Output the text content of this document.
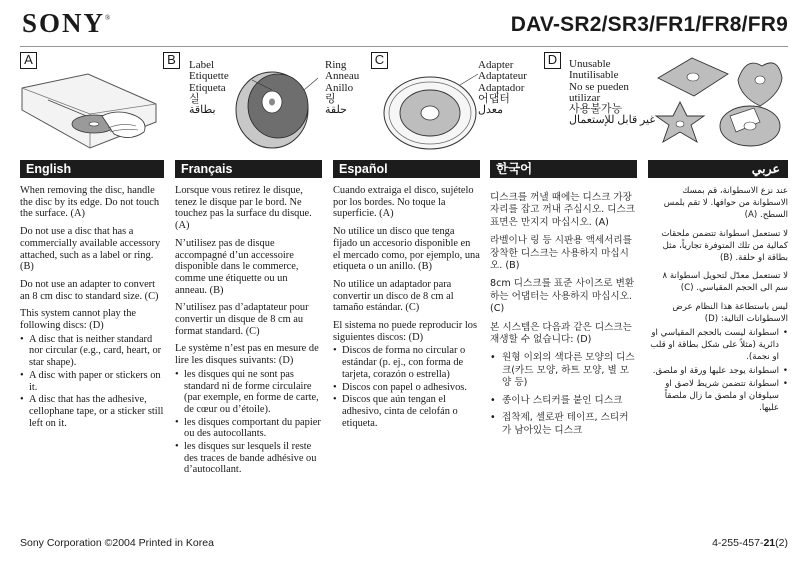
SONY®	DAV-SR2/SR3/FR1/FR8/FR9
A	B	Label
Etiquette
Etiqueta
실
بطاقة
Ring
Anneau
Anillo
링
حلقة
C	Adapter
Adaptateur
Adaptador
어댑터
معدل
D	Unusable
Inutilisable
No se pueden
utilizar
사용불가능
غير قابل للإستعمال
English	Français	Español	한국어	عربي

When removing the disc, handle the disc by its edge. Do not touch the surface. (A)

Do not use a disc that has a commercially available accessory attached, such as a label or ring. (B)

Do not use an adapter to convert an 8 cm disc to standard size. (C)

This system cannot play the following discs: (D)

• A disc that is neither standard nor circular (e.g., card, heart, or star shape).
• A disc with paper or stickers on it.
• A disc that has the adhesive, cellophane tape, or a sticker still left on it.

Lorsque vous retirez le disque, tenez le disque par le bord. Ne touchez pas la surface du disque. (A)

N’utilisez pas de disque accompagné d’un accessoire disponible dans le commerce, comme une étiquette ou un anneau. (B)

N’utilisez pas d’adaptateur pour convertir un disque de 8 cm au format standard. (C)

Le système n’est pas en mesure de lire les disques suivants: (D)

• les disques qui ne sont pas standard ni de forme circulaire (par exemple, en forme de carte, de cœur ou d’étoile).
• les disques comportant du papier ou des autocollants.
• les disques sur lesquels il reste des traces de bande adhésive ou d’autocollant.

Cuando extraiga el disco, sujételo por los bordes. No toque la superficie. (A)

No utilice un disco que tenga fijado un accesorio disponible en el mercado como, por ejemplo, una etiqueta o un anillo. (B)

No utilice un adaptador para convertir un disco de 8 cm al tamaño estándar. (C)

El sistema no puede reproducir los siguientes discos: (D)

• Discos de forma no circular o estándar (p. ej., con forma de tarjeta, corazón o estrella)
• Discos con papel o adhesivos.
• Discos que aún tengan el adhesivo, cinta de celofán o etiqueta.

디스크를 꺼낼 때에는 디스크 가장자리를 잡고 꺼내 주십시오. 디스크 표면은 만지지 마십시오. (A)

라벨이나 링 등 시판용 액세서리를 장착한 디스크는 사용하지 마십시오. (B)

8cm 디스크를 표준 사이즈로 변환하는 어댑터는 사용하지 마십시오. (C)

본 시스템은 다음과 같은 디스크는 재생할 수 없습니다: (D)

• 원형 이외의 색다른 모양의 디스크(카드 모양, 하트 모양, 별 모양 등)
• 종이나 스티커를 붙인 디스크
• 접착제, 셀로판 테이프, 스티커가 남아있는 디스크

عند نزع الاسطوانة، قم بمسك الاسطوانة من حوافها. لا تقم بلمس السطح. (A)

لا تستعمل اسطوانة تتضمن ملحقات كمالية من تلك المتوفرة تجارياً، مثل بطاقة او حلقة. (B)

لا تستعمل معدّل لتحويل اسطوانة ٨ سم الى الحجم المقياسي. (C)

ليس باستطاعة هذا النظام عرض الاسطوانات التالية: (D)

• اسطوانة ليست بالحجم المقياسي او دائرية (مثلاً على شكل بطاقة او قلب او نجمة).
• اسطوانة يوجد عليها ورقة او ملصق.
• اسطوانة تتضمن شريط لاصق او سيلوفان او ملصق ما زال ملصقاً عليها.
Sony Corporation ©2004 Printed in Korea	4-255-457-21(2)
